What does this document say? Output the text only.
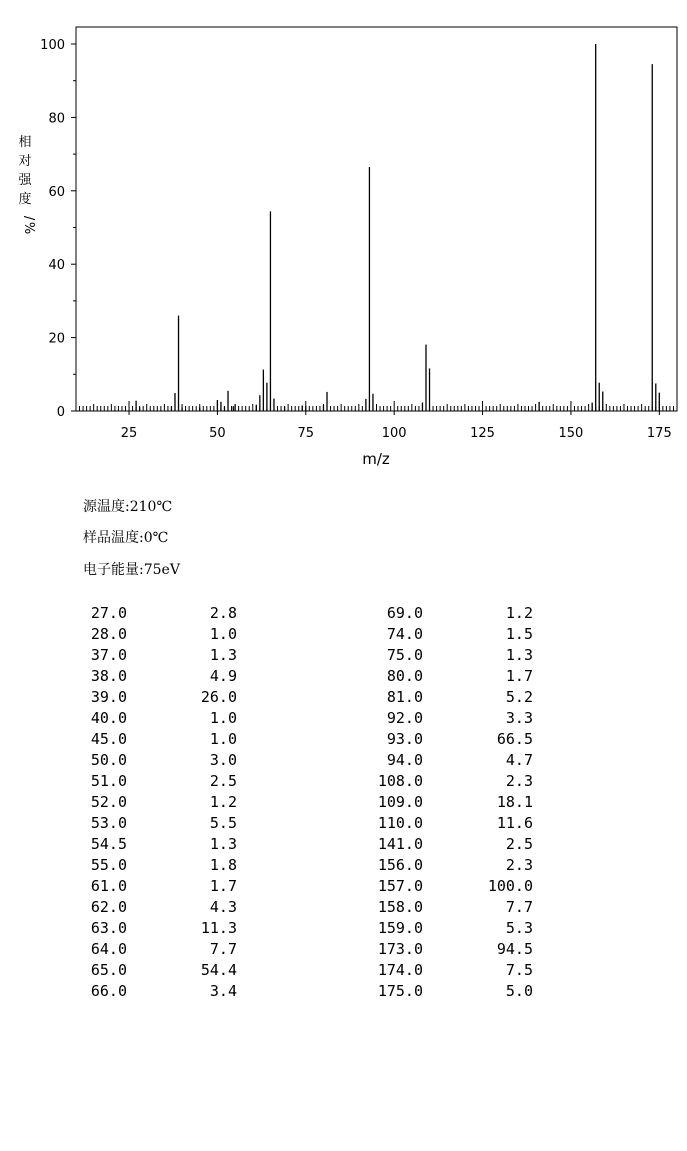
25	50	75	100	125	150	175
0
20
40
60
80
100
m/z
相
对
强
度
/
%
源温度:210℃
样品温度:0℃
电子能量:75eV
27.0	2.8
28.0	1.0
37.0	1.3
38.0	4.9
39.0	26.0
40.0	1.0
45.0	1.0
50.0	3.0
51.0	2.5
52.0	1.2
53.0	5.5
54.5	1.3
55.0	1.8
61.0	1.7
62.0	4.3
63.0	11.3
64.0	7.7
65.0	54.4
66.0	3.4
69.0	1.2
74.0	1.5
75.0	1.3
80.0	1.7
81.0	5.2
92.0	3.3
93.0	66.5
94.0	4.7
108.0	2.3
109.0	18.1
110.0	11.6
141.0	2.5
156.0	2.3
157.0	100.0
158.0	7.7
159.0	5.3
173.0	94.5
174.0	7.5
175.0	5.0
